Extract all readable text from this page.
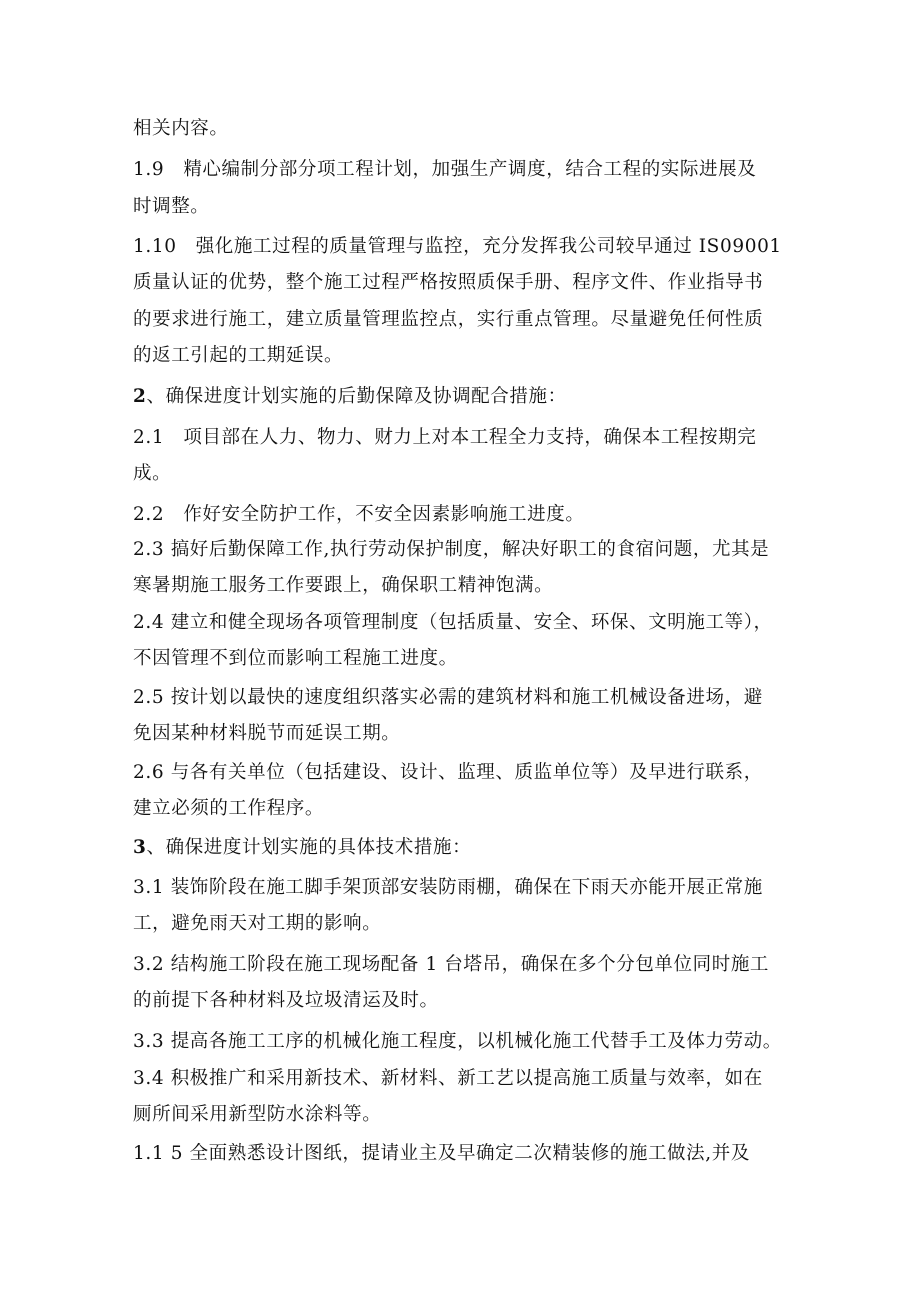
相关内容。
1.9　精心编制分部分项工程计划，加强生产调度，结合工程的实际进展及
时调整。
1.10　强化施工过程的质量管理与监控，充分发挥我公司较早通过 IS09001
质量认证的优势，整个施工过程严格按照质保手册、程序文件、作业指导书
的要求进行施工，建立质量管理监控点，实行重点管理。尽量避免任何性质
的返工引起的工期延误。
2、确保进度计划实施的后勤保障及协调配合措施：
2.1　项目部在人力、物力、财力上对本工程全力支持，确保本工程按期完
成。
2.2　作好安全防护工作，不安全因素影响施工进度。
2.3 搞好后勤保障工作,执行劳动保护制度，解决好职工的食宿问题，尤其是
寒暑期施工服务工作要跟上，确保职工精神饱满。
2.4 建立和健全现场各项管理制度（包括质量、安全、环保、文明施工等），
不因管理不到位而影响工程施工进度。
2.5 按计划以最快的速度组织落实必需的建筑材料和施工机械设备进场，避
免因某种材料脱节而延误工期。
2.6 与各有关单位（包括建设、设计、监理、质监单位等）及早进行联系，
建立必须的工作程序。
3、确保进度计划实施的具体技术措施：
3.1 装饰阶段在施工脚手架顶部安装防雨棚，确保在下雨天亦能开展正常施
工，避免雨天对工期的影响。
3.2 结构施工阶段在施工现场配备 1 台塔吊，确保在多个分包单位同时施工
的前提下各种材料及垃圾清运及时。
3.3 提高各施工工序的机械化施工程度，以机械化施工代替手工及体力劳动。
3.4 积极推广和采用新技术、新材料、新工艺以提高施工质量与效率，如在
厕所间采用新型防水涂料等。
1.1 5 全面熟悉设计图纸，提请业主及早确定二次精装修的施工做法,并及
